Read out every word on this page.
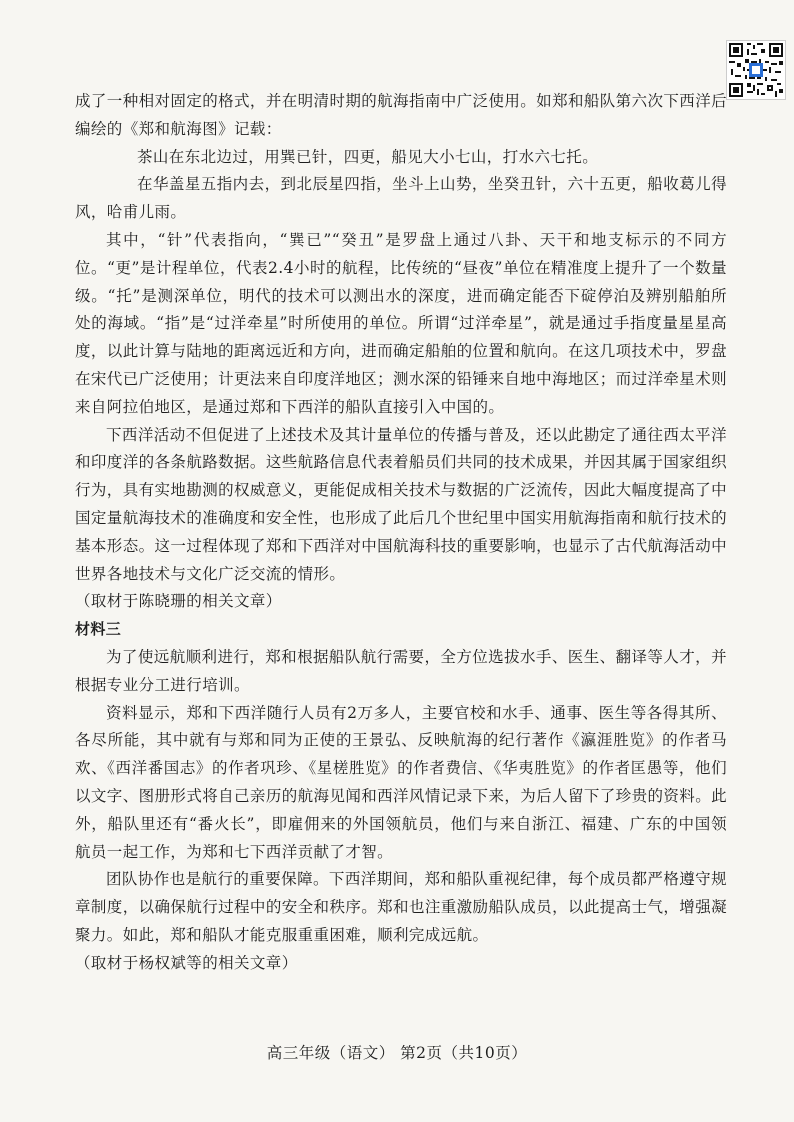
成了一种相对固定的格式，并在明清时期的航海指南中广泛使用。如郑和船队第六次下西洋后编绘的《郑和航海图》记载：

茶山在东北边过，用巽已针，四更，船见大小七山，打水六七托。

在华盖星五指内去，到北辰星四指，坐斗上山势，坐癸丑针，六十五更，船收葛儿得风，哈甫儿雨。

其中，“针”代表指向，“巽已”“癸丑”是罗盘上通过八卦、天干和地支标示的不同方位。“更”是计程单位，代表2.4小时的航程，比传统的“昼夜”单位在精准度上提升了一个数量级。“托”是测深单位，明代的技术可以测出水的深度，进而确定能否下碇停泊及辨别船舶所处的海域。“指”是“过洋牵星”时所使用的单位。所谓“过洋牵星”，就是通过手指度量星星高度，以此计算与陆地的距离远近和方向，进而确定船舶的位置和航向。在这几项技术中，罗盘在宋代已广泛使用；计更法来自印度洋地区；测水深的铅锤来自地中海地区；而过洋牵星术则来自阿拉伯地区，是通过郑和下西洋的船队直接引入中国的。

下西洋活动不但促进了上述技术及其计量单位的传播与普及，还以此勘定了通往西太平洋和印度洋的各条航路数据。这些航路信息代表着船员们共同的技术成果，并因其属于国家组织行为，具有实地勘测的权威意义，更能促成相关技术与数据的广泛流传，因此大幅度提高了中国定量航海技术的准确度和安全性，也形成了此后几个世纪里中国实用航海指南和航行技术的基本形态。这一过程体现了郑和下西洋对中国航海科技的重要影响，也显示了古代航海活动中世界各地技术与文化广泛交流的情形。

（取材于陈晓珊的相关文章）

材料三

为了使远航顺利进行，郑和根据船队航行需要，全方位选拔水手、医生、翻译等人才，并根据专业分工进行培训。

资料显示，郑和下西洋随行人员有2万多人，主要官校和水手、通事、医生等各得其所、各尽所能，其中就有与郑和同为正使的王景弘、反映航海的纪行著作《瀛涯胜览》的作者马欢、《西洋番国志》的作者巩珍、《星槎胜览》的作者费信、《华夷胜览》的作者匡愚等，他们以文字、图册形式将自己亲历的航海见闻和西洋风情记录下来，为后人留下了珍贵的资料。此外，船队里还有“番火长”，即雇佣来的外国领航员，他们与来自浙江、福建、广东的中国领航员一起工作，为郑和七下西洋贡献了才智。

团队协作也是航行的重要保障。下西洋期间，郑和船队重视纪律，每个成员都严格遵守规章制度，以确保航行过程中的安全和秩序。郑和也注重激励船队成员，以此提高士气，增强凝聚力。如此，郑和船队才能克服重重困难，顺利完成远航。

（取材于杨权斌等的相关文章）

高三年级（语文） 第2页（共10页）
